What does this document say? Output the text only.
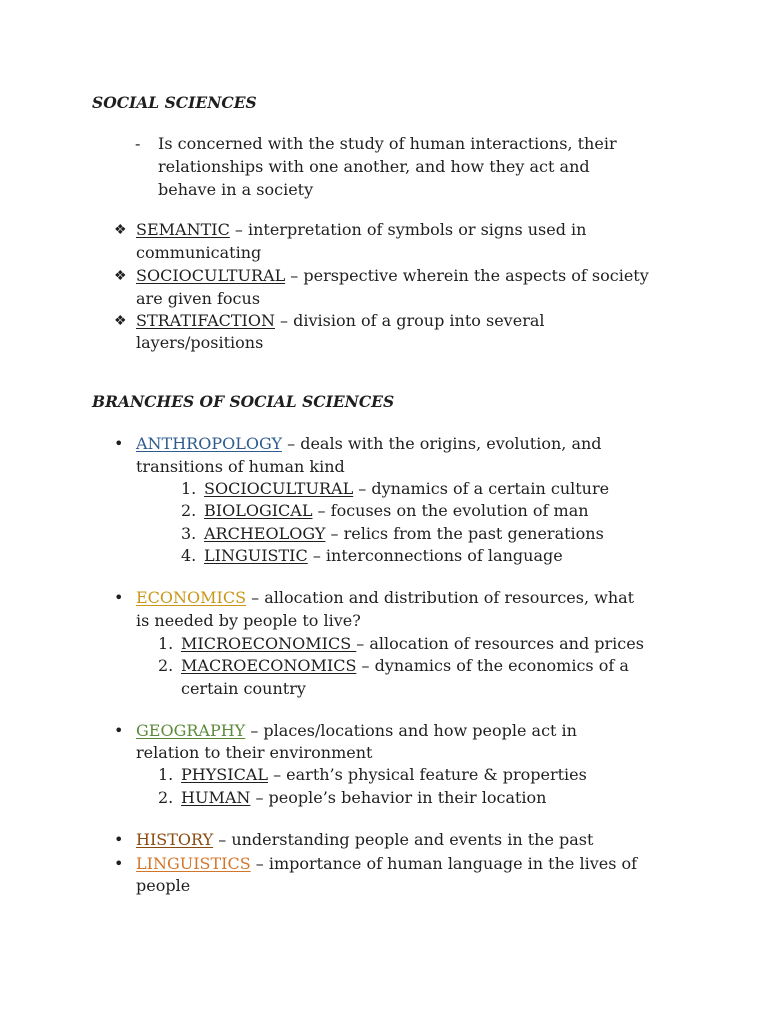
SOCIAL SCIENCES
- Is concerned with the study of human interactions, their
relationships with one another, and how they act and
behave in a society
❖ SEMANTIC – interpretation of symbols or signs used in
communicating
❖ SOCIOCULTURAL – perspective wherein the aspects of society
are given focus
❖ STRATIFACTION – division of a group into several
layers/positions
BRANCHES OF SOCIAL SCIENCES
• ANTHROPOLOGY – deals with the origins, evolution, and
transitions of human kind
1. SOCIOCULTURAL – dynamics of a certain culture
2. BIOLOGICAL – focuses on the evolution of man
3. ARCHEOLOGY – relics from the past generations
4. LINGUISTIC – interconnections of language
• ECONOMICS – allocation and distribution of resources, what
is needed by people to live?
1. MICROECONOMICS – allocation of resources and prices
2. MACROECONOMICS – dynamics of the economics of a
certain country
• GEOGRAPHY – places/locations and how people act in
relation to their environment
1. PHYSICAL – earth’s physical feature & properties
2. HUMAN – people’s behavior in their location
• HISTORY – understanding people and events in the past
• LINGUISTICS – importance of human language in the lives of
people
